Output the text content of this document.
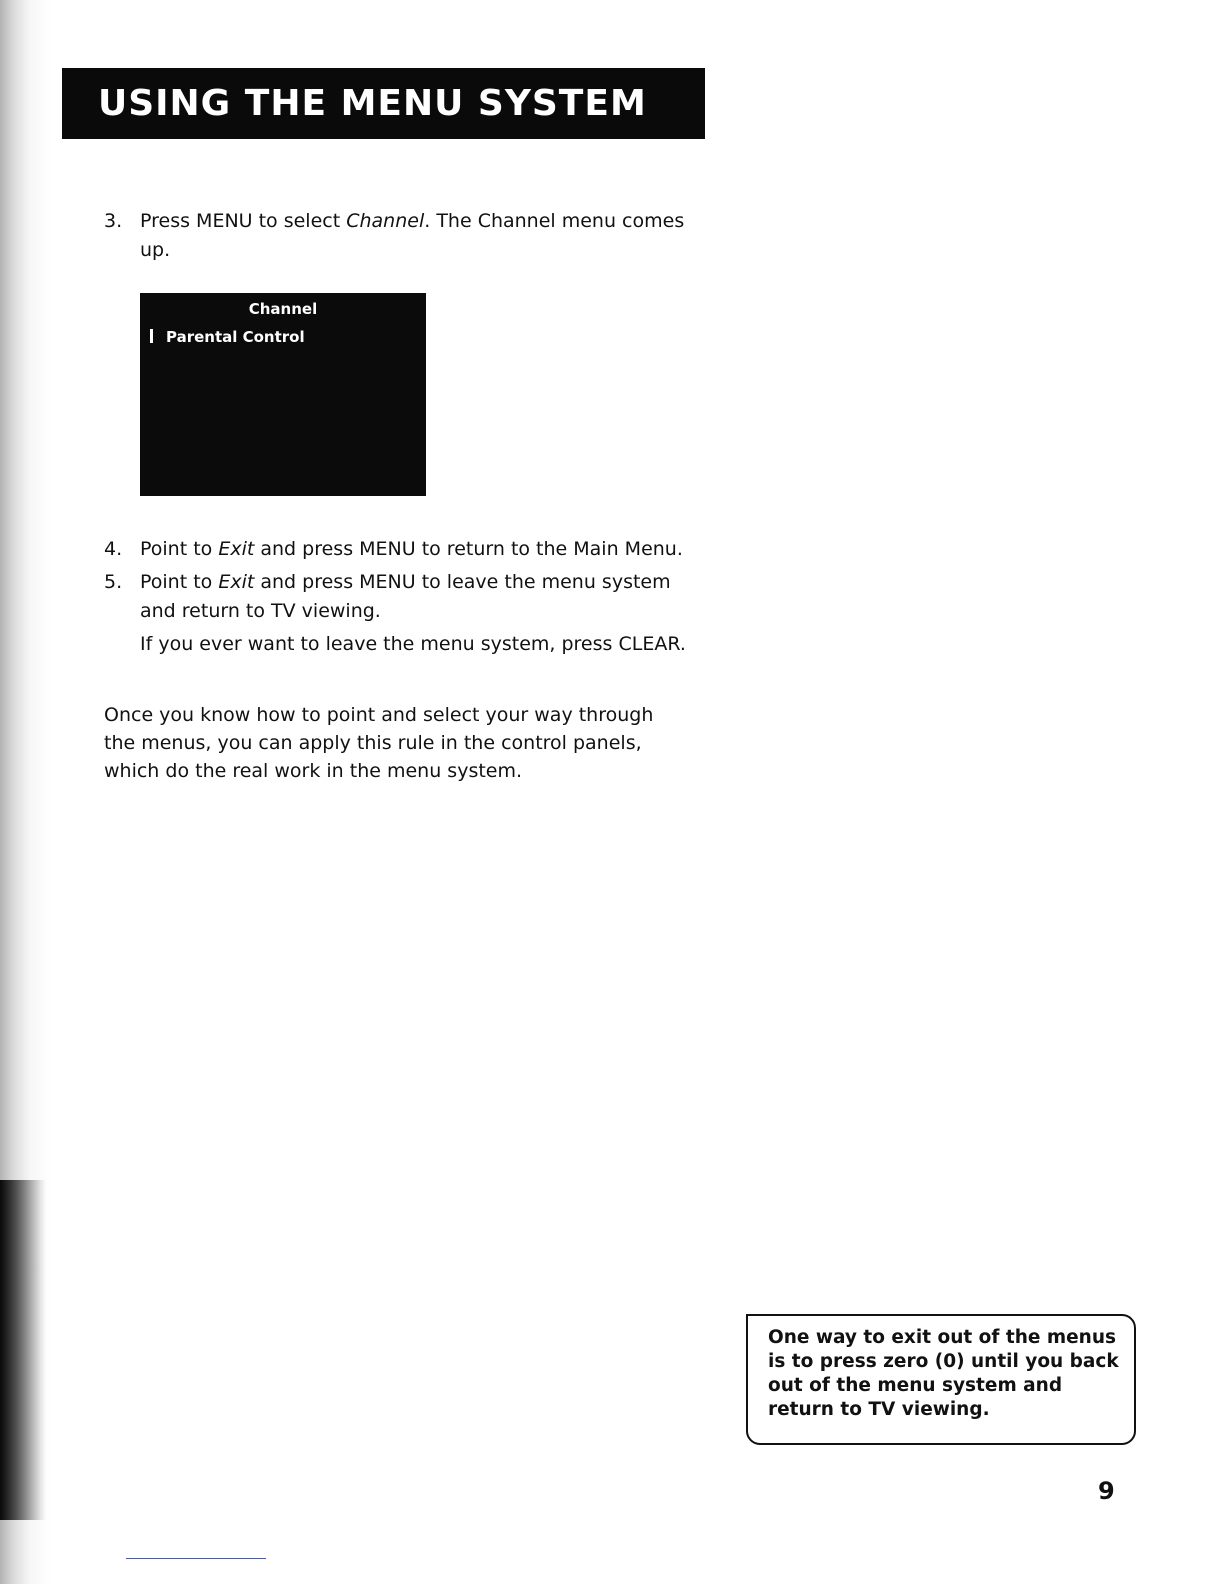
USING THE MENU SYSTEM
3. Press MENU to select Channel. The Channel menu comes up.
Channel
Parental Control
4. Point to Exit and press MENU to return to the Main Menu.
5. Point to Exit and press MENU to leave the menu system and return to TV viewing.

If you ever want to leave the menu system, press CLEAR.

Once you know how to point and select your way through the menus, you can apply this rule in the control panels, which do the real work in the menu system.

One way to exit out of the menus is to press zero (0) until you back out of the menu system and return to TV viewing.
9
